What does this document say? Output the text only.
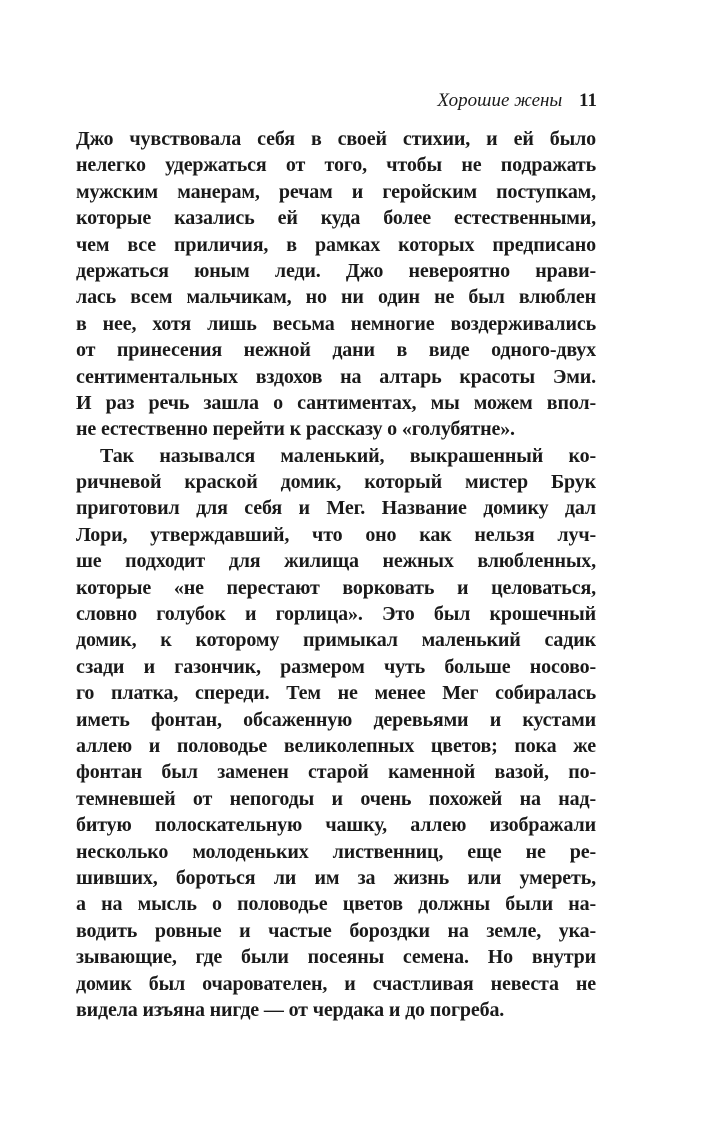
Хорошие жены 11
Джо чувствовала себя в своей стихии, и ей было
нелегко удержаться от того, чтобы не подражать
мужским манерам, речам и геройским поступкам,
которые казались ей куда более естественными,
чем все приличия, в рамках которых предписано
держаться юным леди. Джо невероятно нрави-
лась всем мальчикам, но ни один не был влюблен
в нее, хотя лишь весьма немногие воздерживались
от принесения нежной дани в виде одного-двух
сентиментальных вздохов на алтарь красоты Эми.
И раз речь зашла о сантиментах, мы можем впол-
не естественно перейти к рассказу о «голубятне».
Так назывался маленький, выкрашенный ко-
ричневой краской домик, который мистер Брук
приготовил для себя и Мег. Название домику дал
Лори, утверждавший, что оно как нельзя луч-
ше подходит для жилища нежных влюбленных,
которые «не перестают ворковать и целоваться,
словно голубок и горлица». Это был крошечный
домик, к которому примыкал маленький садик
сзади и газончик, размером чуть больше носово-
го платка, спереди. Тем не менее Мег собиралась
иметь фонтан, обсаженную деревьями и кустами
аллею и половодье великолепных цветов; пока же
фонтан был заменен старой каменной вазой, по-
темневшей от непогоды и очень похожей на над-
битую полоскательную чашку, аллею изображали
несколько молоденьких лиственниц, еще не ре-
шивших, бороться ли им за жизнь или умереть,
а на мысль о половодье цветов должны были на-
водить ровные и частые бороздки на земле, ука-
зывающие, где были посеяны семена. Но внутри
домик был очарователен, и счастливая невеста не
видела изъяна нигде — от чердака и до погреба.
